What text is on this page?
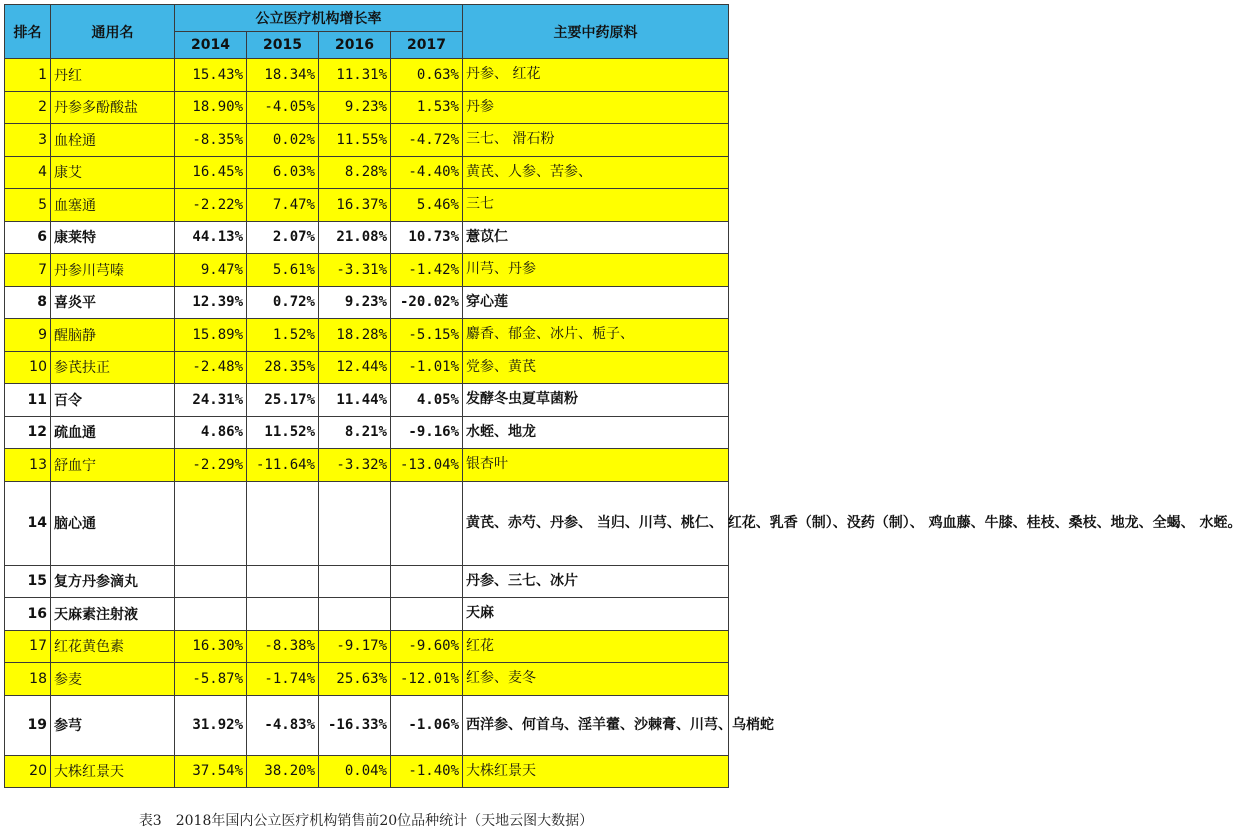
排名	通用名	公立医疗机构增长率				主要中药原料
		2014	2015	2016	2017	
1	丹红	15.43%	18.34%	11.31%	0.63%	丹参、 红花
2	丹参多酚酸盐	18.90%	-4.05%	9.23%	1.53%	丹参
3	血栓通	-8.35%	0.02%	11.55%	-4.72%	三七、 滑石粉
4	康艾	16.45%	6.03%	8.28%	-4.40%	黄芪、人参、苦参、
5	血塞通	-2.22%	7.47%	16.37%	5.46%	三七
6	康莱特	44.13%	2.07%	21.08%	10.73%	薏苡仁
7	丹参川芎嗪	9.47%	5.61%	-3.31%	-1.42%	川芎、丹参
8	喜炎平	12.39%	0.72%	9.23%	-20.02%	穿心莲
9	醒脑静	15.89%	1.52%	18.28%	-5.15%	麝香、郁金、冰片、栀子、
10	参芪扶正	-2.48%	28.35%	12.44%	-1.01%	党参、黄芪
11	百令	24.31%	25.17%	11.44%	4.05%	发酵冬虫夏草菌粉
12	疏血通	4.86%	11.52%	8.21%	-9.16%	水蛭、地龙
13	舒血宁	-2.29%	-11.64%	-3.32%	-13.04%	银杏叶
14	脑心通					黄芪、赤芍、丹参、 当归、川芎、桃仁、 红花、乳香（制）、没药（制）、 鸡血藤、牛膝、桂枝、桑枝、地龙、全蝎、 水蛭。
15	复方丹参滴丸					丹参、三七、冰片
16	天麻素注射液					天麻
17	红花黄色素	16.30%	-8.38%	-9.17%	-9.60%	红花
18	参麦	-5.87%	-1.74%	25.63%	-12.01%	红参、麦冬
19	参芎	31.92%	-4.83%	-16.33%	-1.06%	西洋参、何首乌、淫羊藿、沙棘膏、川芎、乌梢蛇
20	大株红景天	37.54%	38.20%	0.04%	-1.40%	大株红景天
表3　2018年国内公立医疗机构销售前20位品种统计（天地云图大数据）
